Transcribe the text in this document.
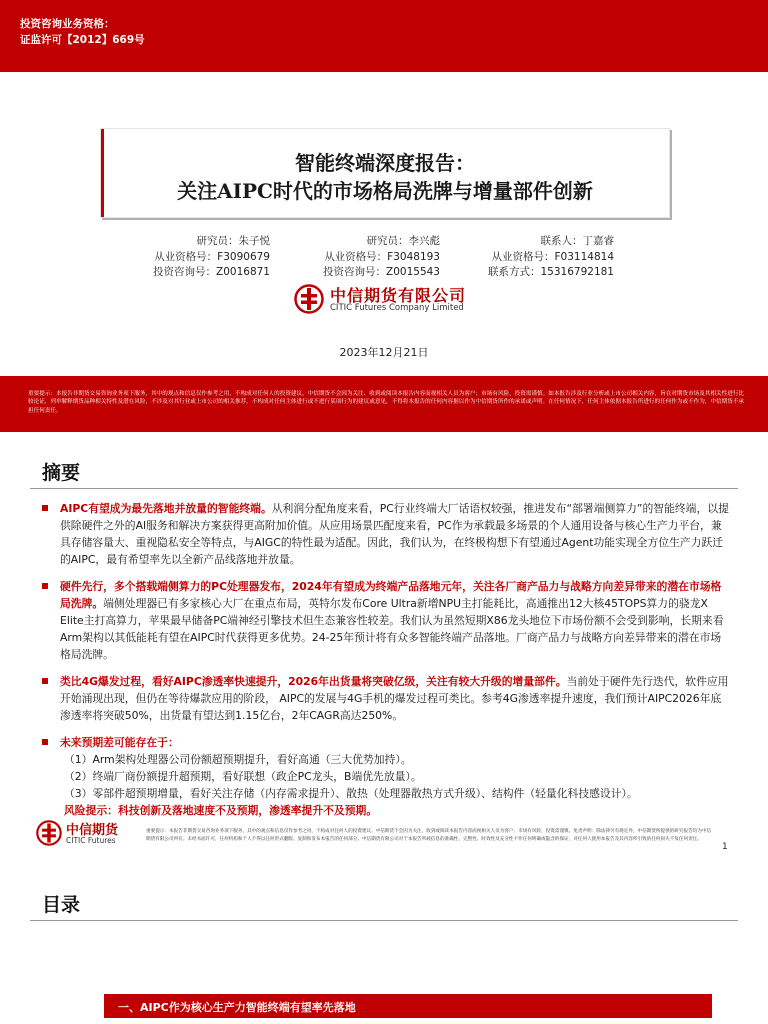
投资咨询业务资格：
证监许可【2012】669号
智能终端深度报告：
关注AIPC时代的市场格局洗牌与增量部件创新
研究员：朱子悦
从业资格号：F3090679
投资咨询号：Z0016871
研究员：李兴彪
从业资格号：F3048193
投资咨询号：Z0015543
联系人：丁嘉睿
从业资格号：F03114814
联系方式：15316792181
中信期货有限公司
CITIC Futures Company Limited
2023年12月21日
重要提示：本报告非期货交易咨询业务项下服务，其中的观点和信息仅作参考之用，不构成对任何人的投资建议。中信期货不会因为关注、收到或阅读本报告内容而视相关人员为客户；市场有风险，投资需谨慎。如本报告涉及行业分析或上市公司相关内容，旨在对期货市场及其相关性进行比较论证，列举解释期货品种相关特性及潜在风险，不涉及对其行业或上市公司的相关推荐，不构成对任何主体进行或不进行某项行为的建议或意见，不得将本报告的任何内容据以作为中信期货所作的承诺或声明。在任何情况下，任何主体依据本报告所进行的任何作为或不作为，中信期货不承担任何责任。
摘要
AIPC有望成为最先落地并放量的智能终端。从利润分配角度来看，PC行业终端大厂话语权较强，推进发布“部署端侧算力”的智能终端，以提供除硬件之外的AI服务和解决方案获得更高附加价值。从应用场景匹配度来看，PC作为承载最多场景的个人通用设备与核心生产力平台，兼具存储容量大、重视隐私安全等特点，与AIGC的特性最为适配。因此，我们认为，在终极构想下有望通过Agent功能实现全方位生产力跃迁的AIPC，最有希望率先以全新产品线落地并放量。
硬件先行，多个搭载端侧算力的PC处理器发布，2024年有望成为终端产品落地元年，关注各厂商产品力与战略方向差异带来的潜在市场格局洗牌。端侧处理器已有多家核心大厂在重点布局，英特尔发布Core Ultra新增NPU主打能耗比，高通推出12大核45TOPS算力的骁龙X Elite主打高算力，苹果最早储备PC端神经引擎技术但生态兼容性较差。我们认为虽然短期X86龙头地位下市场份额不会受到影响，长期来看Arm架构以其低能耗有望在AIPC时代获得更多优势。24-25年预计将有众多智能终端产品落地。厂商产品力与战略方向差异带来的潜在市场格局洗牌。
类比4G爆发过程，看好AIPC渗透率快速提升，2026年出货量将突破亿级，关注有较大升级的增量部件。当前处于硬件先行迭代，软件应用开始涌现出现，但仍在等待爆款应用的阶段， AIPC的发展与4G手机的爆发过程可类比。参考4G渗透率提升速度，我们预计AIPC2026年底渗透率将突破50%，出货量有望达到1.15亿台，2年CAGR高达250%。
未来预期差可能存在于：
（1）Arm架构处理器公司份额超预期提升，看好高通（三大优势加持）。
（2）终端厂商份额提升超预期，看好联想（政企PC龙头，B端优先放量）。
（3）零部件超预期增量，看好关注存储（内存需求提升）、散热（处理器散热方式升级）、结构件（轻量化科技感设计）。
风险提示：科技创新及落地速度不及预期，渗透率提升不及预期。
中信期货
CITIC Futures
重要提示：本报告非期货交易咨询业务项下服务，其中的观点和信息仅作参考之用，不构成对任何人的投资建议。中信期货不会因为关注、收到或阅读本报告内容而视相关人员为客户；市场有风险，投资需谨慎。免责声明：除法律另有规定外，中信期货所提供的研究报告均为中信期货有限公司所有。未经书面许可，任何机构和个人不得以任何形式翻版、复制和发布本报告的任何部分。中信期货有限公司对于本报告所载信息的准确性、完整性、时效性及充分性不作任何明确或隐含的保证，对任何人使用本报告及其内容所引致的任何损失不负任何责任。
1
目录
一、AIPC作为核心生产力智能终端有望率先落地
